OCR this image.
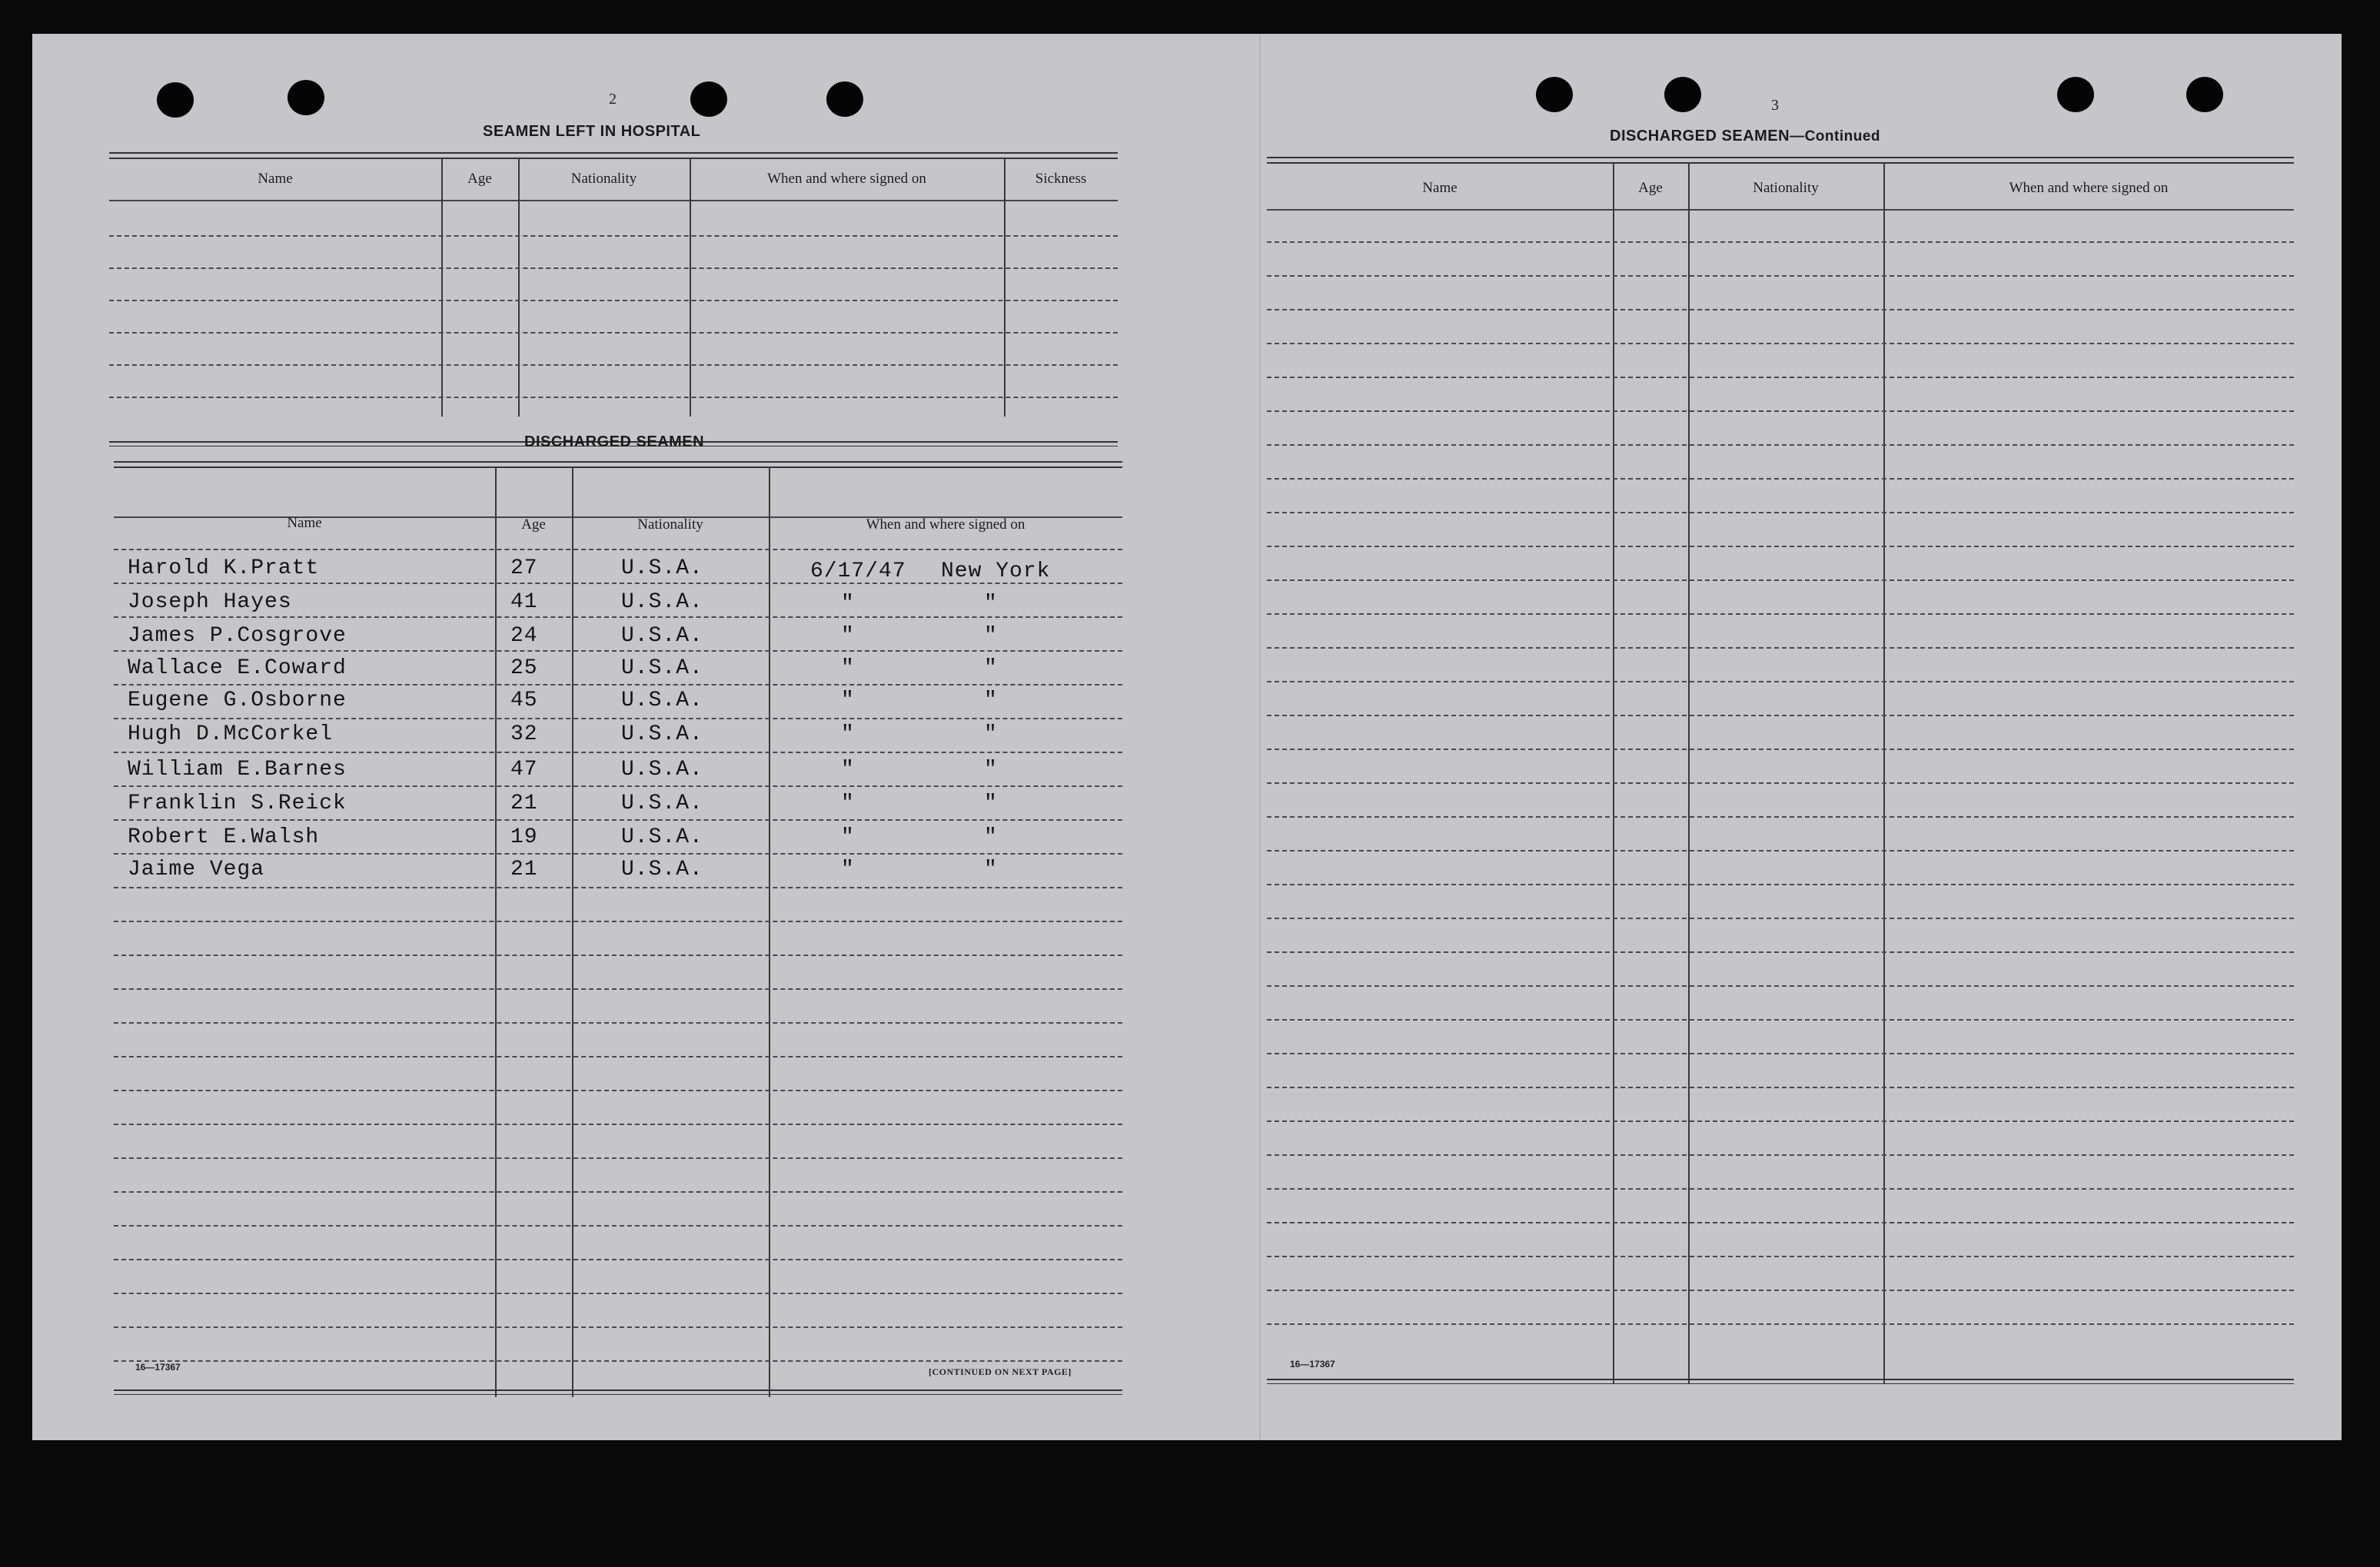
2
SEAMEN LEFT IN HOSPITAL
Name	Age	Nationality	When and where signed on	Sickness
DISCHARGED SEAMEN
Name	Age	Nationality	When and where signed on
Harold K.Pratt	27	U.S.A.	6/17/47 New York
Joseph Hayes	41	U.S.A.	"	"
James P.Cosgrove	24	U.S.A.	"	"
Wallace E.Coward	25	U.S.A.	"	"
Eugene G.Osborne	45	U.S.A.	"	"
Hugh D.McCorkel	32	U.S.A.	"	"
William E.Barnes	47	U.S.A.	"	"
Franklin S.Reick	21	U.S.A.	"	"
Robert E.Walsh	19	U.S.A.	"	"
Jaime Vega	21	U.S.A.	"	"
16—17367	[CONTINUED ON NEXT PAGE]
3
DISCHARGED SEAMEN—Continued
Name	Age	Nationality	When and where signed on
16—17367
